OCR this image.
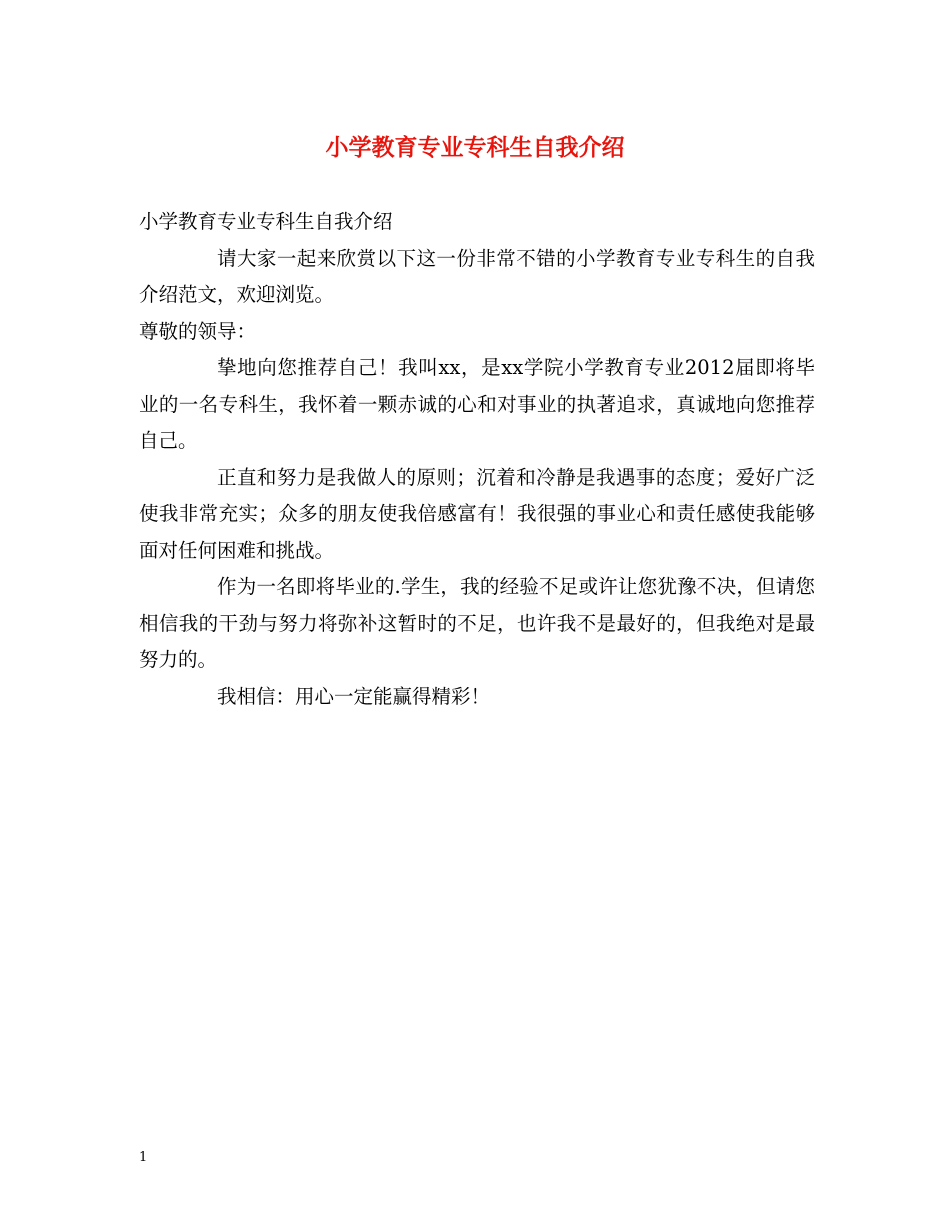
小学教育专业专科生自我介绍

小学教育专业专科生自我介绍

请大家一起来欣赏以下这一份非常不错的小学教育专业专科生的自我介绍范文，欢迎浏览。

尊敬的领导：

挚地向您推荐自己！我叫xx，是xx学院小学教育专业2012届即将毕业的一名专科生，我怀着一颗赤诚的心和对事业的执著追求，真诚地向您推荐自己。

正直和努力是我做人的原则；沉着和冷静是我遇事的态度；爱好广泛使我非常充实；众多的朋友使我倍感富有！我很强的事业心和责任感使我能够面对任何困难和挑战。

作为一名即将毕业的.学生，我的经验不足或许让您犹豫不决，但请您相信我的干劲与努力将弥补这暂时的不足，也许我不是最好的，但我绝对是最努力的。

我相信：用心一定能赢得精彩！

1
